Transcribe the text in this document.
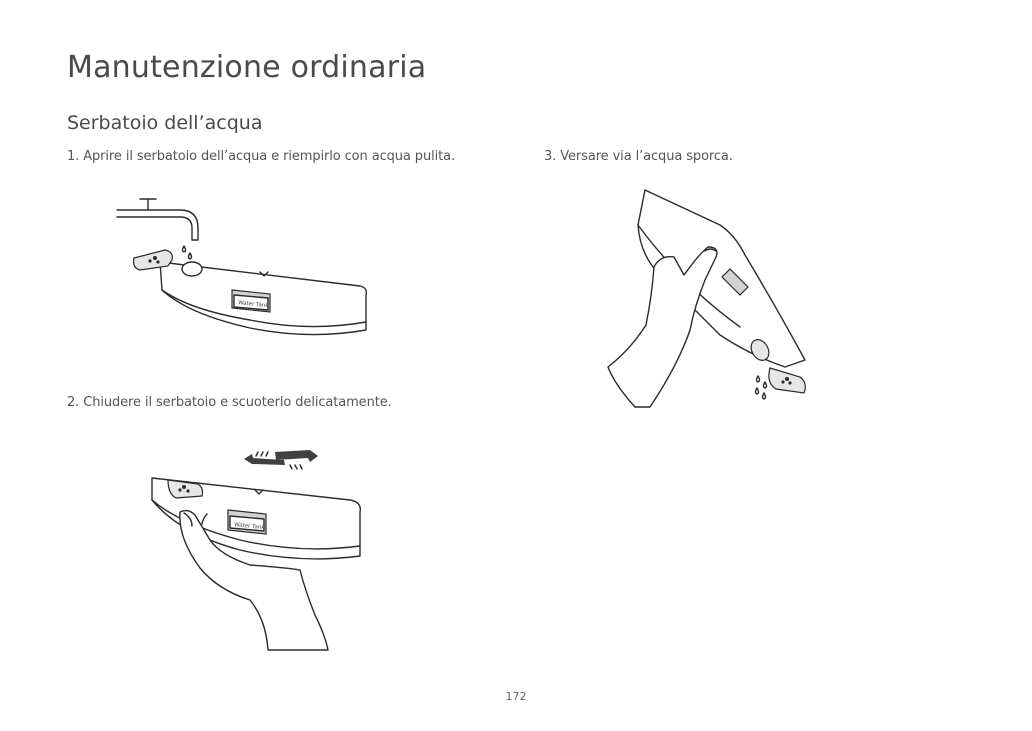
Manutenzione ordinaria
Serbatoio dell’acqua

1. Aprire il serbatoio dell’acqua e riempirlo con acqua pulita.

2. Chiudere il serbatoio e scuoterlo delicatamente.

3. Versare via l’acqua sporca.

Water Tank
Water Tank
172
